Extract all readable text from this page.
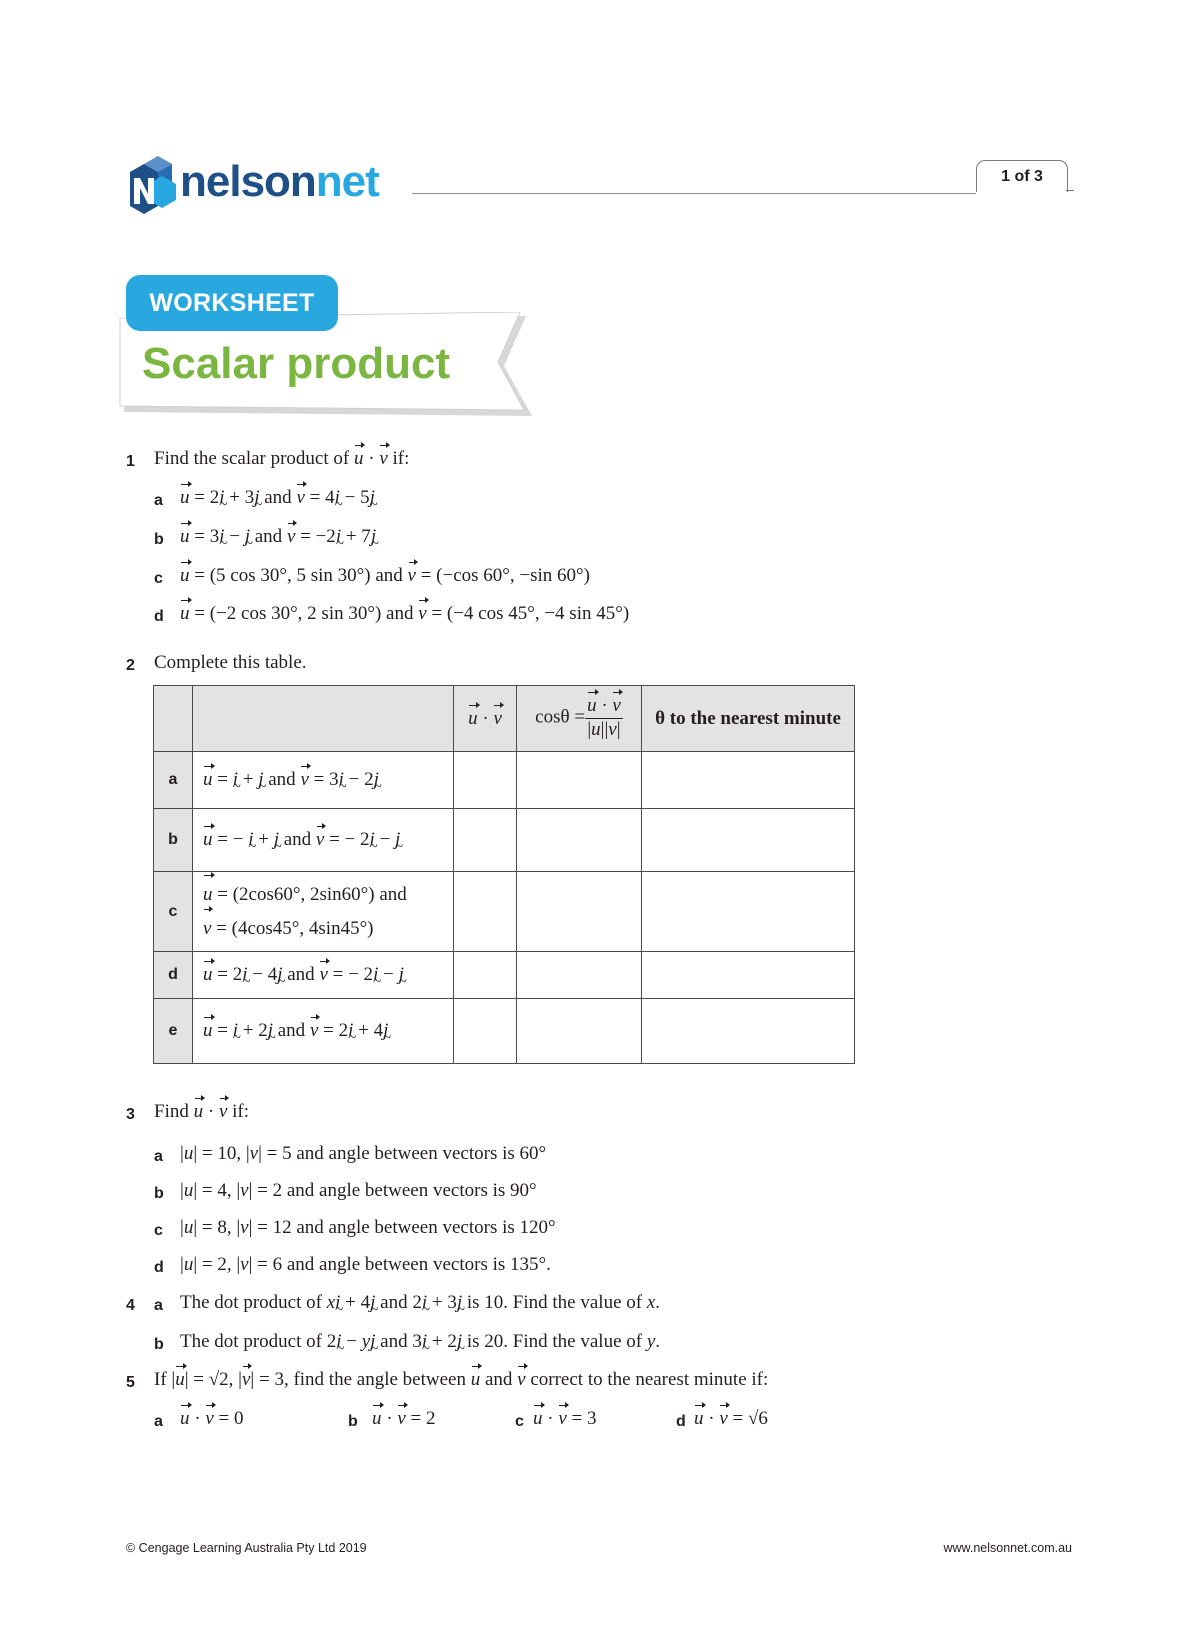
nelsonnet	1 of 3
WORKSHEET
Scalar product
1 Find the scalar product of u · v if:
a u = 2i ~ + 3j ~ and v = 4i ~ − 5j ~
b u = 3i ~ − j ~ and v = −2i ~ + 7j ~
c u = (5 cos 30°, 5 sin 30°) and v = (−cos 60°, −sin 60°)
d u = (−2 cos 30°, 2 sin 30°) and v = (−4 cos 45°, −4 sin 45°)
2 Complete this table.
		u · v	$\cos\theta = \frac{u \cdot v}{|u||v|}$	θ to the nearest minute
a	u = i ~ + j ~ and v = 3i ~ − 2j ~			
b	u = − i ~ + j ~ and v = − 2i ~ − j ~			
c	u = (2cos60°, 2sin60°) and
v = (4cos45°, 4sin45°)			
d	u = 2i ~ − 4j ~ and v = − 2i ~ − j ~			
e	u = i ~ + 2j ~ and v = 2i ~ + 4j ~			
3 Find u · v if:
a |u| = 10, |v| = 5 and angle between vectors is 60°
b |u| = 4, |v| = 2 and angle between vectors is 90°
c |u| = 8, |v| = 12 and angle between vectors is 120°
d |u| = 2, |v| = 6 and angle between vectors is 135°.
4 a The dot product of xi ~ + 4j ~ and 2i ~ + 3j ~ is 10. Find the value of x.
b The dot product of 2i ~ − yj ~ and 3i ~ + 2j ~ is 20. Find the value of y.
5 If |u| = √2, |v| = 3, find the angle between u and v correct to the nearest minute if:
a u · v = 0	b u · v = 2	c u · v = 3	d u · v = √6
© Cengage Learning Australia Pty Ltd 2019	www.nelsonnet.com.au
